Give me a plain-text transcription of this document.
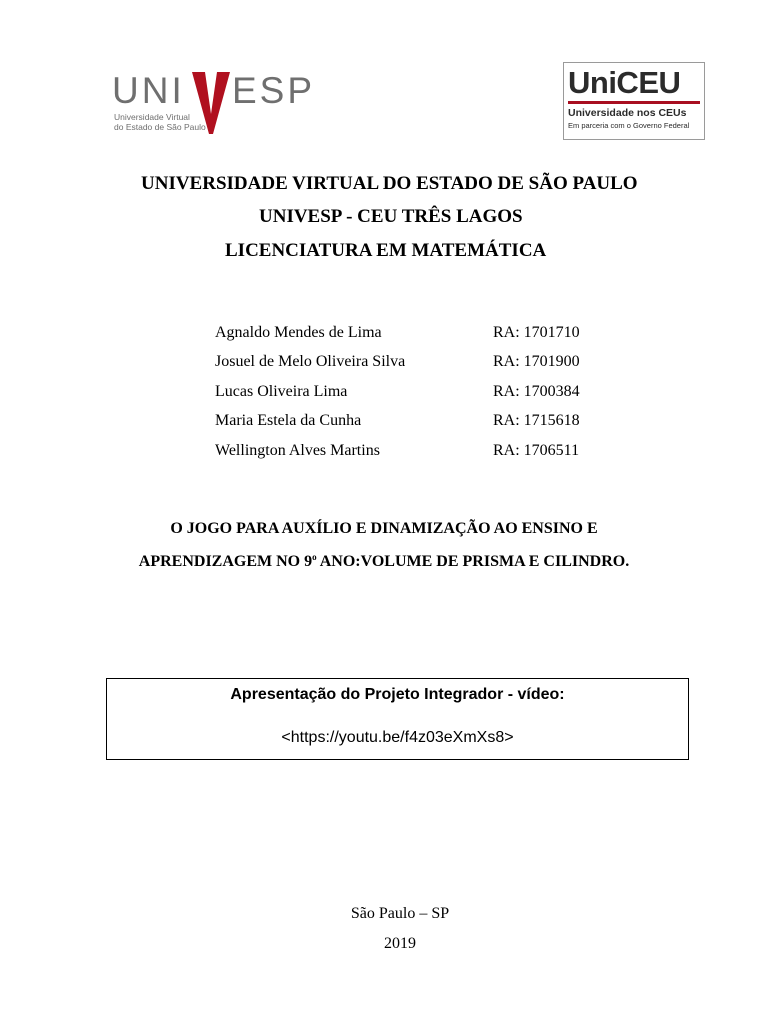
UNI ESP
Universidade Virtual
do Estado de São Paulo
UniCEU
Universidade nos CEUs
Em parceria com o Governo Federal
UNIVERSIDADE VIRTUAL DO ESTADO DE SÃO PAULO
UNIVESP - CEU TRÊS LAGOS
LICENCIATURA EM MATEMÁTICA
Agnaldo Mendes de Lima	RA: 1701710
Josuel de Melo Oliveira Silva	RA: 1701900
Lucas Oliveira Lima	RA: 1700384
Maria Estela da Cunha	RA: 1715618
Wellington Alves Martins	RA: 1706511
O JOGO PARA AUXÍLIO E DINAMIZAÇÃO AO ENSINO E
APRENDIZAGEM NO 9$^o$ ANO:VOLUME DE PRISMA E CILINDRO.
Apresentação do Projeto Integrador - vídeo:
<https://youtu.be/f4z03eXmXs8>
São Paulo – SP
2019
